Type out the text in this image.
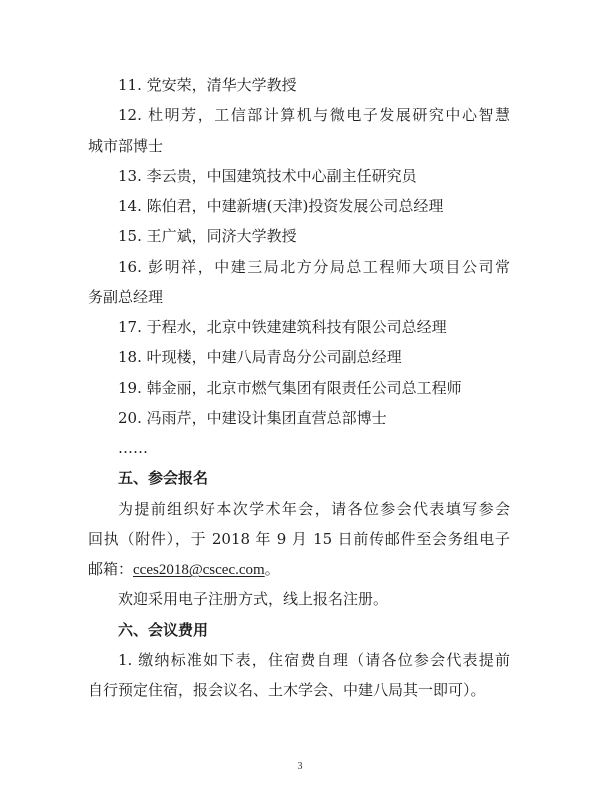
11. 党安荣，清华大学教授
12. 杜明芳，工信部计算机与微电子发展研究中心智慧
城市部博士
13. 李云贵，中国建筑技术中心副主任研究员
14. 陈伯君，中建新塘(天津)投资发展公司总经理
15. 王广斌，同济大学教授
16. 彭明祥，中建三局北方分局总工程师大项目公司常
务副总经理
17. 于程水，北京中铁建建筑科技有限公司总经理
18. 叶现楼，中建八局青岛分公司副总经理
19. 韩金丽，北京市燃气集团有限责任公司总工程师
20. 冯雨芹，中建设计集团直营总部博士
……
五、参会报名
为提前组织好本次学术年会，请各位参会代表填写参会
回执（附件），于 2018 年 9 月 15 日前传邮件至会务组电子
邮箱：cces2018@cscec.com。
欢迎采用电子注册方式，线上报名注册。
六、会议费用
1. 缴纳标准如下表，住宿费自理（请各位参会代表提前
自行预定住宿，报会议名、土木学会、中建八局其一即可）。
3
